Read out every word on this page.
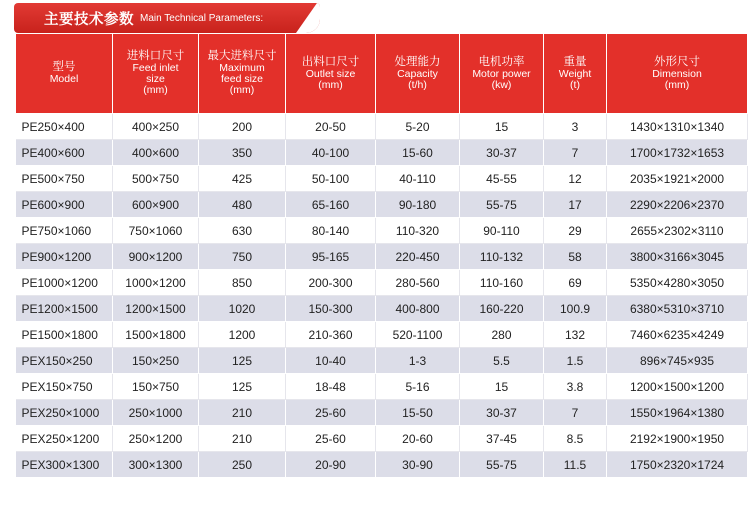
主要技术参数 Main Technical Parameters:
型号
Model	进料口尺寸
Feed inlet
size
(mm)	最大进料尺寸
Maximum
feed size
(mm)	出料口尺寸
Outlet size
(mm)	处理能力
Capacity
(t/h)	电机功率
Motor power
(kw)	重量
Weight
(t)	外形尺寸
Dimension
(mm)

PE250×400	400×250	200	20-50	5-20	15	3	1430×1310×1340
PE400×600	400×600	350	40-100	15-60	30-37	7	1700×1732×1653
PE500×750	500×750	425	50-100	40-110	45-55	12	2035×1921×2000
PE600×900	600×900	480	65-160	90-180	55-75	17	2290×2206×2370
PE750×1060	750×1060	630	80-140	110-320	90-110	29	2655×2302×3110
PE900×1200	900×1200	750	95-165	220-450	110-132	58	3800×3166×3045
PE1000×1200	1000×1200	850	200-300	280-560	110-160	69	5350×4280×3050
PE1200×1500	1200×1500	1020	150-300	400-800	160-220	100.9	6380×5310×3710
PE1500×1800	1500×1800	1200	210-360	520-1100	280	132	7460×6235×4249
PEX150×250	150×250	125	10-40	1-3	5.5	1.5	896×745×935
PEX150×750	150×750	125	18-48	5-16	15	3.8	1200×1500×1200
PEX250×1000	250×1000	210	25-60	15-50	30-37	7	1550×1964×1380
PEX250×1200	250×1200	210	25-60	20-60	37-45	8.5	2192×1900×1950
PEX300×1300	300×1300	250	20-90	30-90	55-75	11.5	1750×2320×1724
